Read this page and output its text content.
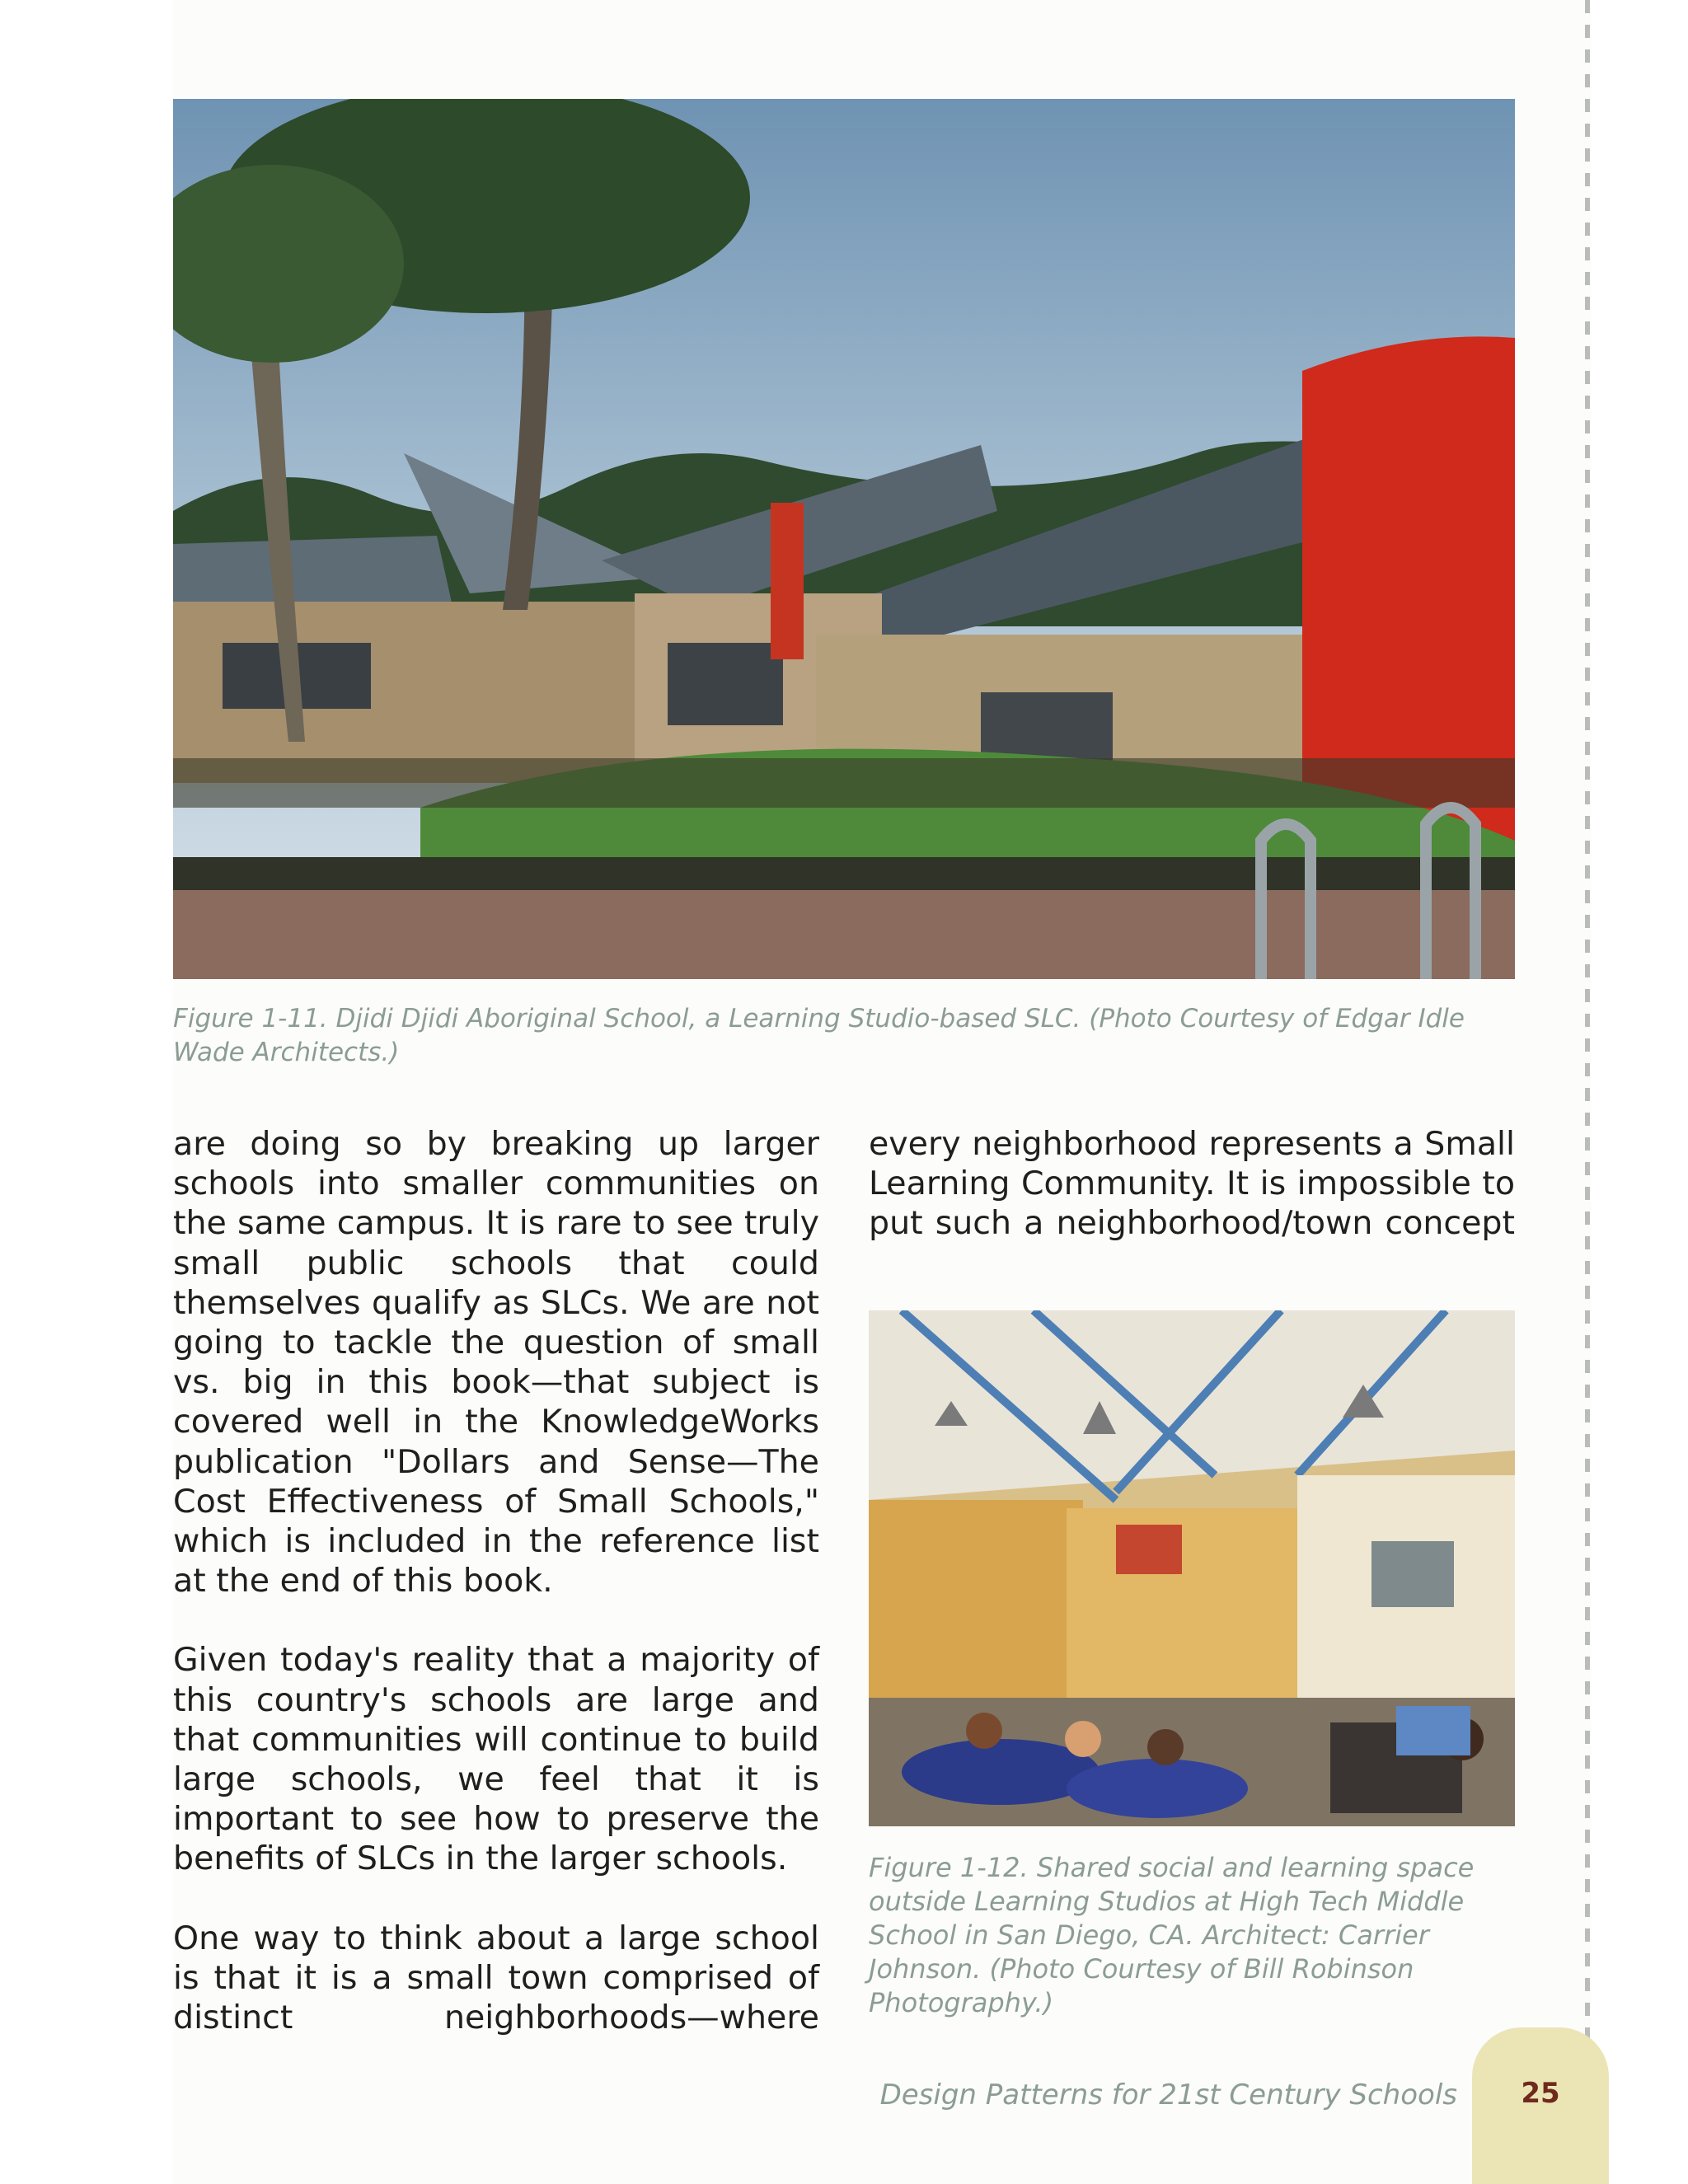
Figure 1-11. Djidi Djidi Aboriginal School, a Learning Studio-based SLC. (Photo Courtesy of Edgar Idle Wade Architects.)

are doing so by breaking up larger schools into smaller communities on the same campus. It is rare to see truly small public schools that could themselves qualify as SLCs. We are not going to tackle the question of small vs. big in this book—that subject is covered well in the KnowledgeWorks publication "Dollars and Sense—The Cost Effectiveness of Small Schools," which is included in the reference list at the end of this book.

Given today's reality that a majority of this country's schools are large and that communities will continue to build large schools, we feel that it is important to see how to preserve the benefits of SLCs in the larger schools.

One way to think about a large school is that it is a small town comprised of distinct neighborhoods—where

every neighborhood represents a Small Learning Community. It is impossible to put such a neighborhood/town concept

Figure 1-12. Shared social and learning space outside Learning Studios at High Tech Middle School in San Diego, CA. Architect: Carrier Johnson. (Photo Courtesy of Bill Robinson Photography.)
Design Patterns for 21st Century Schools	25
